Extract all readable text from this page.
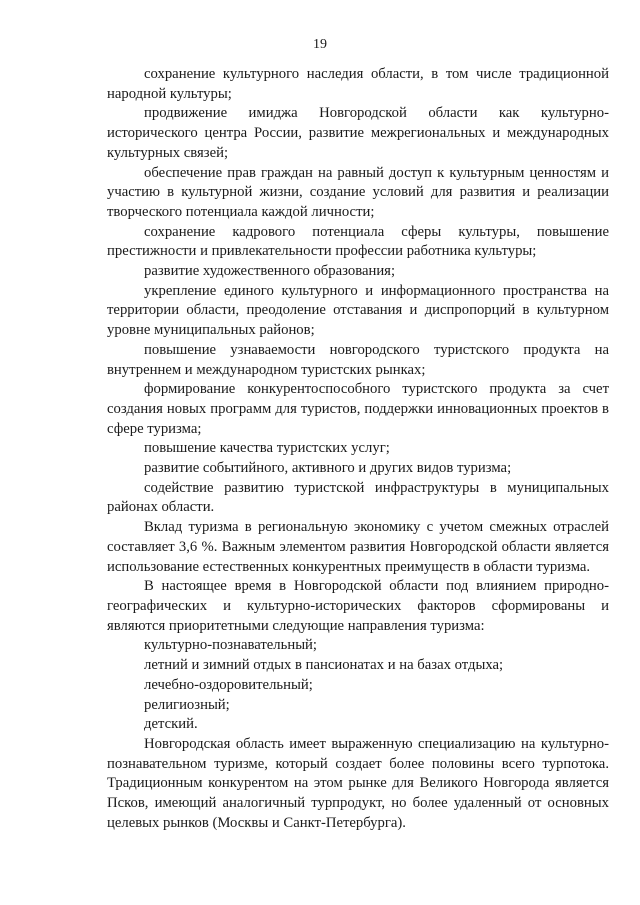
19

сохранение культурного наследия области, в том числе традиционной народной культуры;

продвижение имиджа Новгородской области как культурно-исторического центра России, развитие межрегиональных и международных культурных связей;

обеспечение прав граждан на равный доступ к культурным ценностям и участию в культурной жизни, создание условий для развития и реализации творческого потенциала каждой личности;

сохранение кадрового потенциала сферы культуры, повышение престижности и привлекательности профессии работника культуры;

развитие художественного образования;

укрепление единого культурного и информационного пространства на территории области, преодоление отставания и диспропорций в культурном уровне муниципальных районов;

повышение узнаваемости новгородского туристского продукта на внутреннем и международном туристских рынках;

формирование конкурентоспособного туристского продукта за счет создания новых программ для туристов, поддержки инновационных проектов в сфере туризма;

повышение качества туристских услуг;

развитие событийного, активного и других видов туризма;

содействие развитию туристской инфраструктуры в муниципальных районах области.

Вклад туризма в региональную экономику с учетом смежных отраслей составляет 3,6 %. Важным элементом развития Новгородской области является использование естественных конкурентных преимуществ в области туризма.

В настоящее время в Новгородской области под влиянием природно-географических и культурно-исторических факторов сформированы и являются приоритетными следующие направления туризма:

культурно-познавательный;

летний и зимний отдых в пансионатах и на базах отдыха;

лечебно-оздоровительный;

религиозный;

детский.

Новгородская область имеет выраженную специализацию на культурно-познавательном туризме, который создает более половины всего турпотока. Традиционным конкурентом на этом рынке для Великого Новгорода является Псков, имеющий аналогичный турпродукт, но более удаленный от основных целевых рынков (Москвы и Санкт-Петербурга).
